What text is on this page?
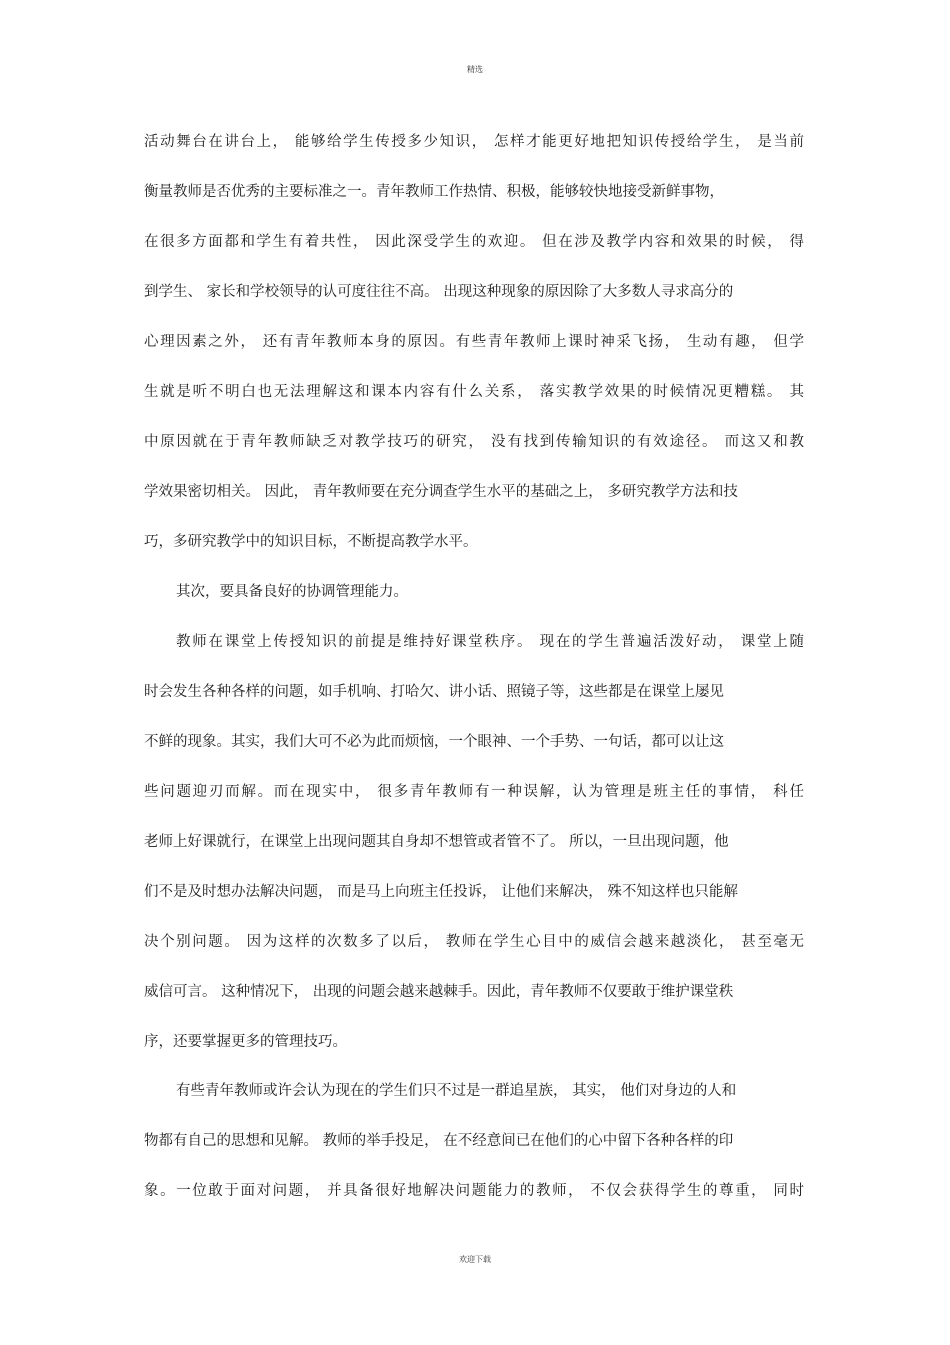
精选
活动舞台在讲台上， 能够给学生传授多少知识， 怎样才能更好地把知识传授给学生， 是当前
衡量教师是否优秀的主要标准之一。青年教师工作热情、积极，能够较快地接受新鲜事物，
在很多方面都和学生有着共性， 因此深受学生的欢迎。 但在涉及教学内容和效果的时候， 得
到学生、 家长和学校领导的认可度往往不高。 出现这种现象的原因除了大多数人寻求高分的
心理因素之外， 还有青年教师本身的原因。有些青年教师上课时神采飞扬， 生动有趣， 但学
生就是听不明白也无法理解这和课本内容有什么关系， 落实教学效果的时候情况更糟糕。 其
中原因就在于青年教师缺乏对教学技巧的研究， 没有找到传输知识的有效途径。 而这又和教
学效果密切相关。 因此， 青年教师要在充分调查学生水平的基础之上， 多研究教学方法和技
巧，多研究教学中的知识目标，不断提高教学水平。
其次，要具备良好的协调管理能力。
教师在课堂上传授知识的前提是维持好课堂秩序。 现在的学生普遍活泼好动， 课堂上随
时会发生各种各样的问题，如手机响、打哈欠、讲小话、照镜子等，这些都是在课堂上屡见
不鲜的现象。其实，我们大可不必为此而烦恼，一个眼神、一个手势、一句话，都可以让这
些问题迎刃而解。而在现实中， 很多青年教师有一种误解，认为管理是班主任的事情， 科任
老师上好课就行，在课堂上出现问题其自身却不想管或者管不了。 所以，一旦出现问题，他
们不是及时想办法解决问题， 而是马上向班主任投诉， 让他们来解决， 殊不知这样也只能解
决个别问题。 因为这样的次数多了以后， 教师在学生心目中的威信会越来越淡化， 甚至毫无
威信可言。 这种情况下， 出现的问题会越来越棘手。因此，青年教师不仅要敢于维护课堂秩
序，还要掌握更多的管理技巧。
有些青年教师或许会认为现在的学生们只不过是一群追星族， 其实， 他们对身边的人和
物都有自己的思想和见解。 教师的举手投足， 在不经意间已在他们的心中留下各种各样的印
象。一位敢于面对问题， 并具备很好地解决问题能力的教师， 不仅会获得学生的尊重， 同时
欢迎下载
